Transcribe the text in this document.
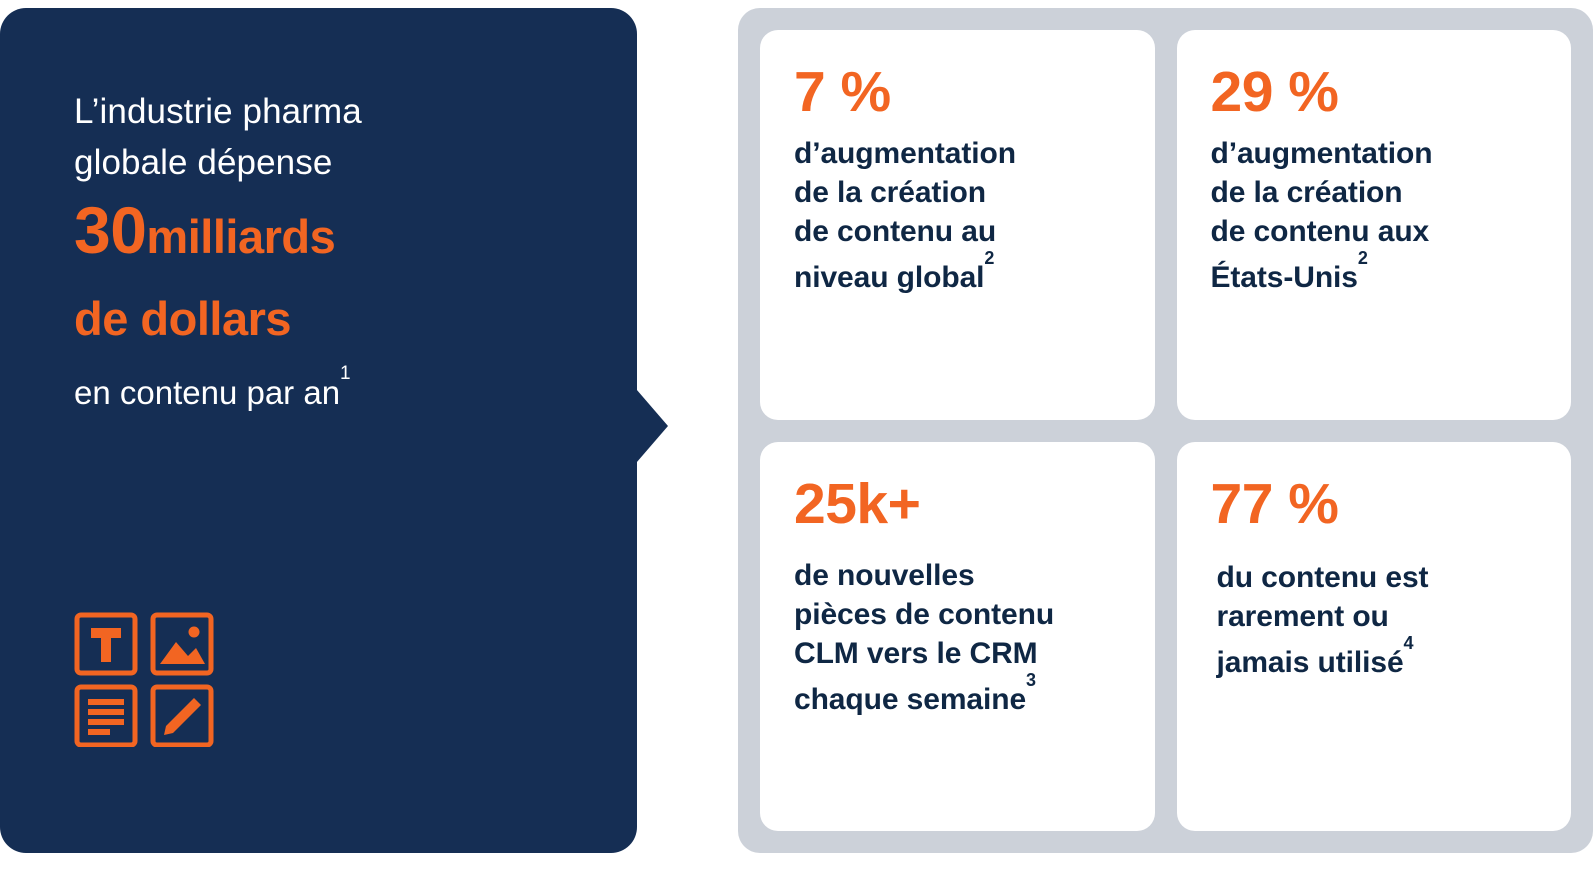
L’industrie pharma
globale dépense
30milliards
de dollars
en contenu par $an^1$
7 %
d’augmentation
de la création
de contenu au
niveau global$^2$
29 %
d’augmentation
de la création
de contenu aux
États-Unis$^2$
25k+
de nouvelles
pièces de contenu
CLM vers le CRM
chaque semaine$^3$
77 %
du contenu est
rarement ou
jamais utilisé$^4$
